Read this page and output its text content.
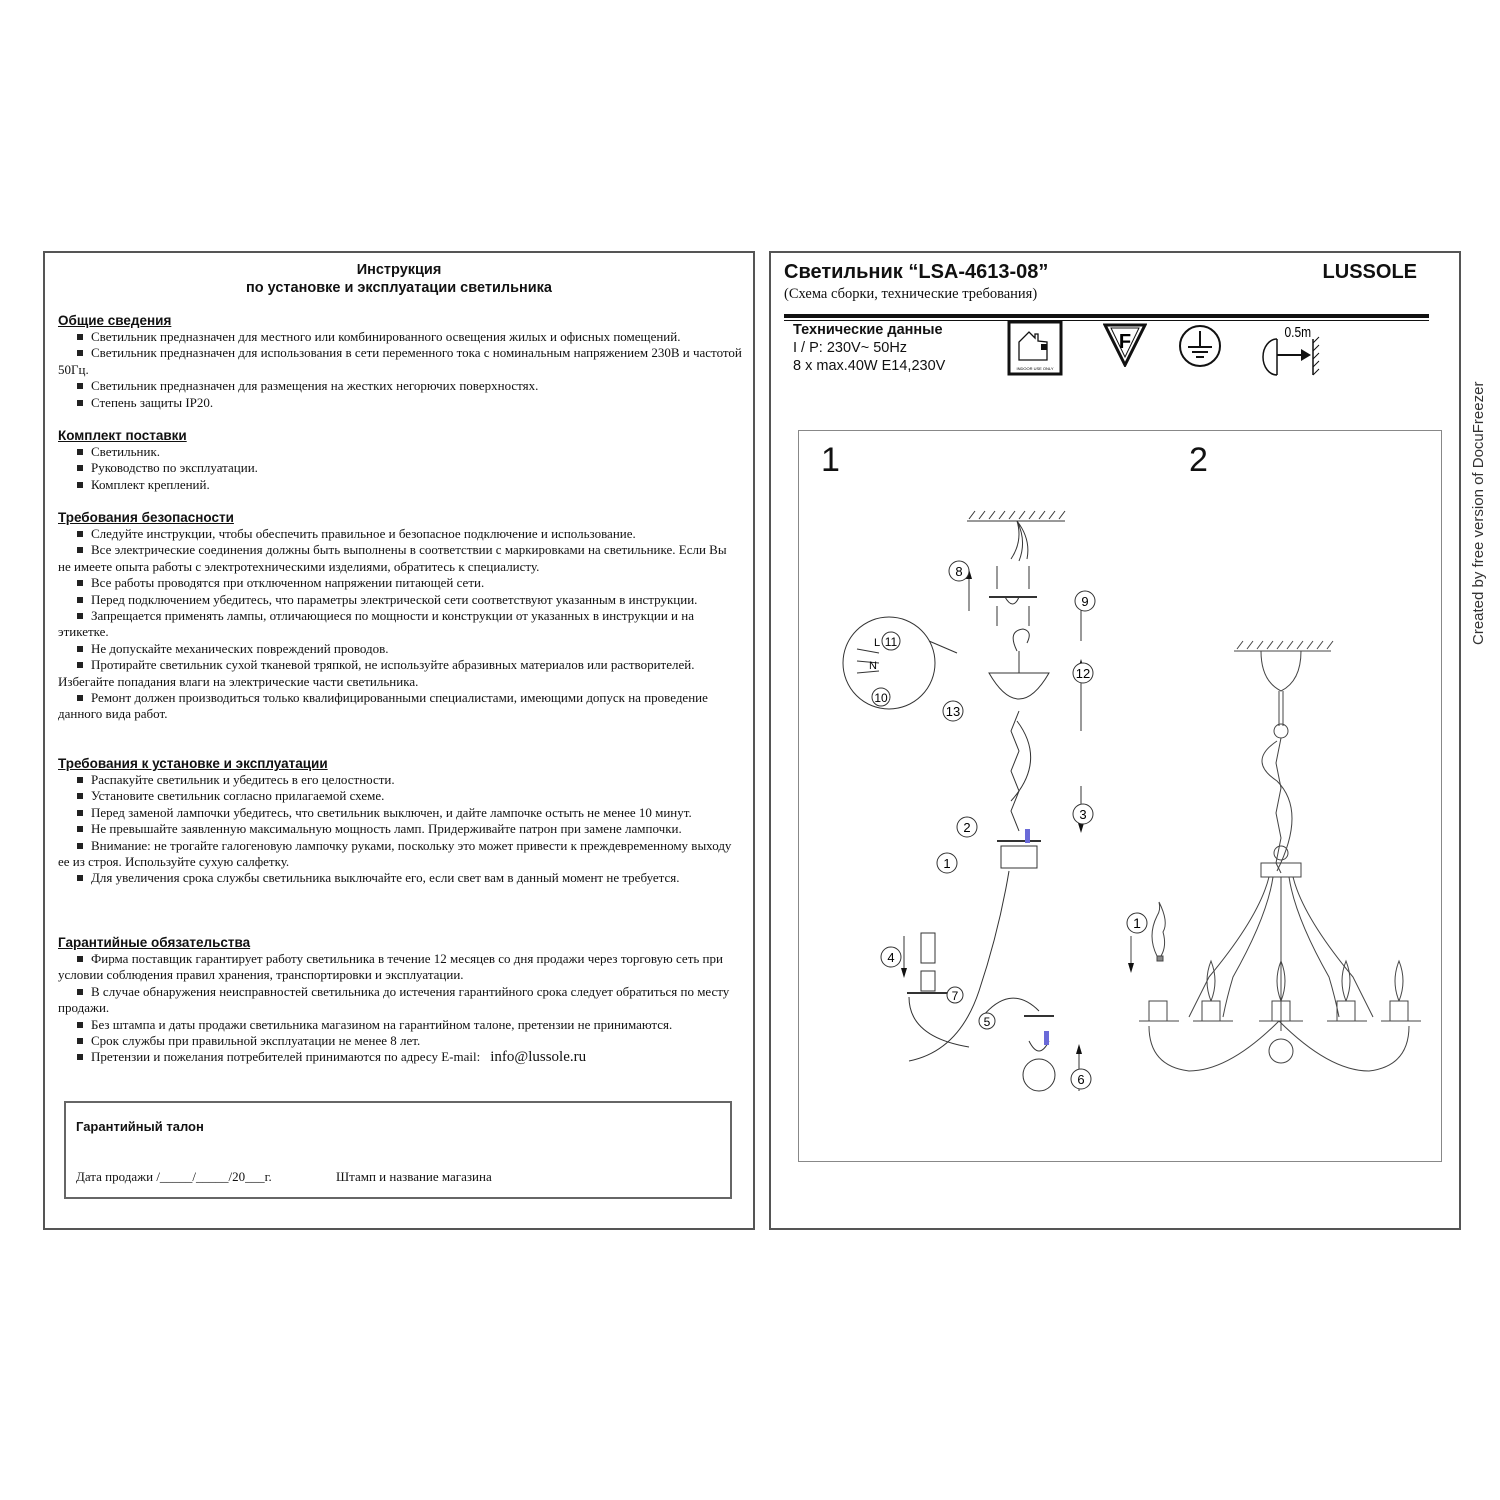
Инструкция
по установке и эксплуатации светильника
Общие сведения
Светильник предназначен для местного или комбинированного освещения жилых и офисных помещений.
Светильник предназначен для использования в сети переменного тока с номинальным напряжением 230В и частотой 50Гц.
Светильник предназначен для размещения на жестких негорючих поверхностях.
Степень защиты IP20.
Комплект поставки
Светильник.
Руководство по эксплуатации.
Комплект креплений.
Требования безопасности
Следуйте инструкции, чтобы обеспечить правильное и безопасное подключение и использование.
Все электрические соединения должны быть выполнены в соответствии с маркировками на светильнике. Если Вы не имеете опыта работы с электротехническими изделиями, обратитесь к специалисту.
Все работы проводятся при отключенном напряжении питающей сети.
Перед подключением убедитесь, что параметры электрической сети соответствуют указанным в инструкции.
Запрещается применять лампы, отличающиеся по мощности и конструкции от указанных в инструкции и на этикетке.
Не допускайте механических повреждений проводов.
Протирайте светильник сухой тканевой тряпкой, не используйте абразивных материалов или растворителей. Избегайте попадания влаги на электрические части светильника.
Ремонт должен производиться только квалифицированными специалистами, имеющими допуск на проведение данного вида работ.
Требования к установке и эксплуатации
Распакуйте светильник и убедитесь в его целостности.
Установите светильник согласно прилагаемой схеме.
Перед заменой лампочки убедитесь, что светильник выключен, и дайте лампочке остыть не менее 10 минут.
Не превышайте заявленную максимальную мощность ламп. Придерживайте патрон при замене лампочки.
Внимание: не трогайте галогеновую лампочку руками, поскольку это может привести к преждевременному выходу ее из строя. Используйте сухую салфетку.
Для увеличения срока службы светильника выключайте его, если свет вам в данный момент не требуется.
Гарантийные обязательства
Фирма поставщик гарантирует работу светильника в течение 12 месяцев со дня продажи через торговую сеть при условии соблюдения правил хранения, транспортировки и эксплуатации.
В случае обнаружения неисправностей светильника до истечения гарантийного срока следует обратиться по месту продажи.
Без штампа и даты продажи светильника магазином на гарантийном талоне, претензии не принимаются.
Срок службы при правильной эксплуатации не менее 8 лет.
Претензии и пожелания потребителей принимаются по адресу E-mail: info@lussole.ru
Гарантийный талон
Дата продажи /_____/_____/20___г.	Штамп и название магазина
Светильник “LSA-4613-08”	LUSSOLE
(Схема сборки, технические требования)
Технические данные
I / P: 230V~ 50Hz
8 x max.40W E14,230V	INDOOR USE ONLY
F	0.5m
1	2
8
9
11
10
12
13
3
2
1
4
7
5
6
L
N
1
Created by free version of DocuFreezer
